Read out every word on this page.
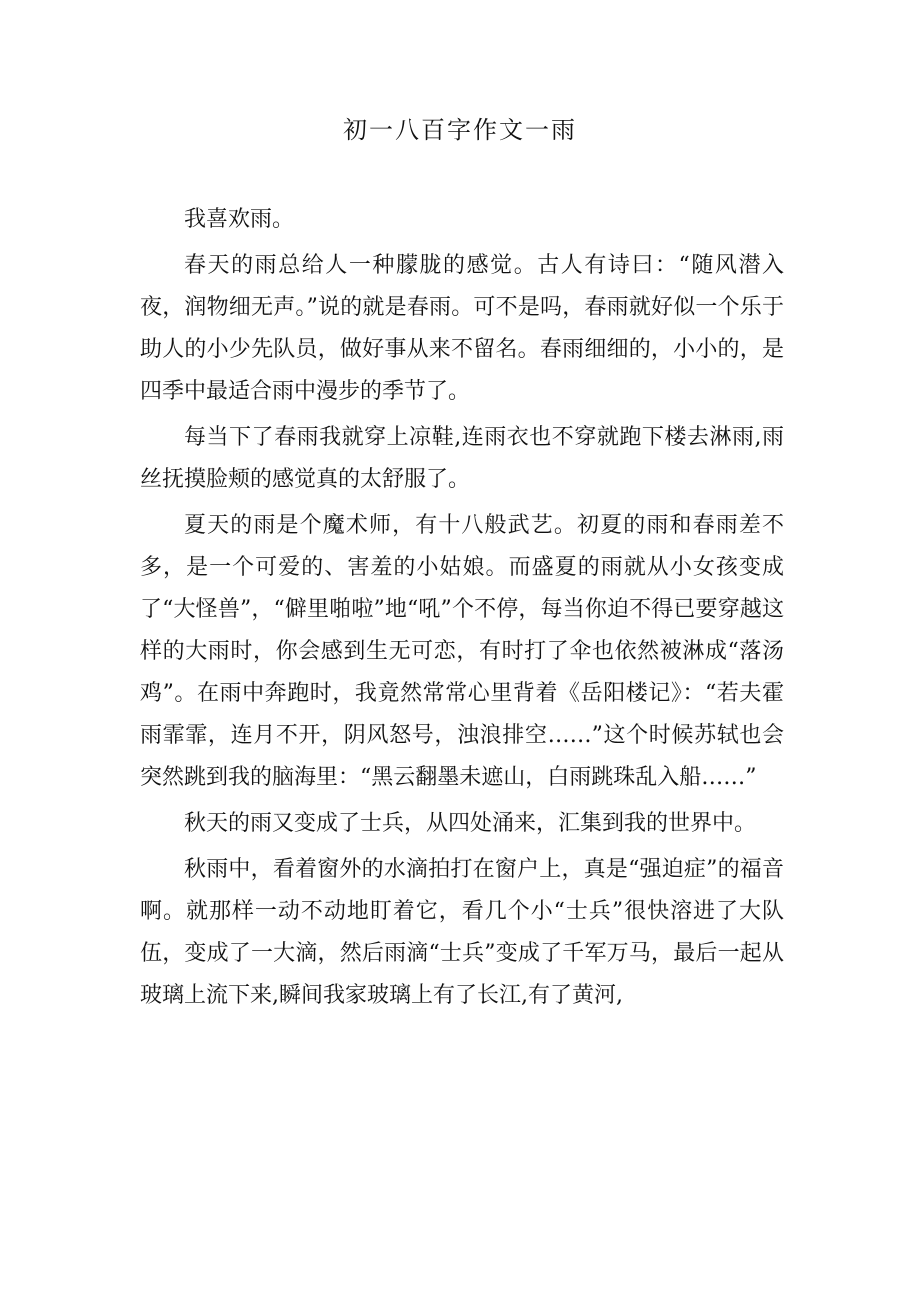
初一八百字作文一雨

我喜欢雨。

春天的雨总给人一种朦胧的感觉。古人有诗曰：“随风潜入夜，润物细无声。”说的就是春雨。可不是吗，春雨就好似一个乐于助人的小少先队员，做好事从来不留名。春雨细细的，小小的，是四季中最适合雨中漫步的季节了。

每当下了春雨我就穿上凉鞋,连雨衣也不穿就跑下楼去淋雨,雨丝抚摸脸颊的感觉真的太舒服了。

夏天的雨是个魔术师，有十八般武艺。初夏的雨和春雨差不多，是一个可爱的、害羞的小姑娘。而盛夏的雨就从小女孩变成了“大怪兽”，“僻里啪啦”地“吼”个不停，每当你迫不得已要穿越这样的大雨时，你会感到生无可恋，有时打了伞也依然被淋成“落汤鸡”。在雨中奔跑时，我竟然常常心里背着《岳阳楼记》：“若夫霍雨霏霏，连月不开，阴风怒号，浊浪排空……”这个时候苏轼也会突然跳到我的脑海里：“黑云翻墨未遮山，白雨跳珠乱入船……”

秋天的雨又变成了士兵，从四处涌来，汇集到我的世界中。

秋雨中，看着窗外的水滴拍打在窗户上，真是“强迫症”的福音啊。就那样一动不动地盯着它，看几个小“士兵”很快溶进了大队伍，变成了一大滴，然后雨滴“士兵”变成了千军万马，最后一起从玻璃上流下来,瞬间我家玻璃上有了长江,有了黄河,
